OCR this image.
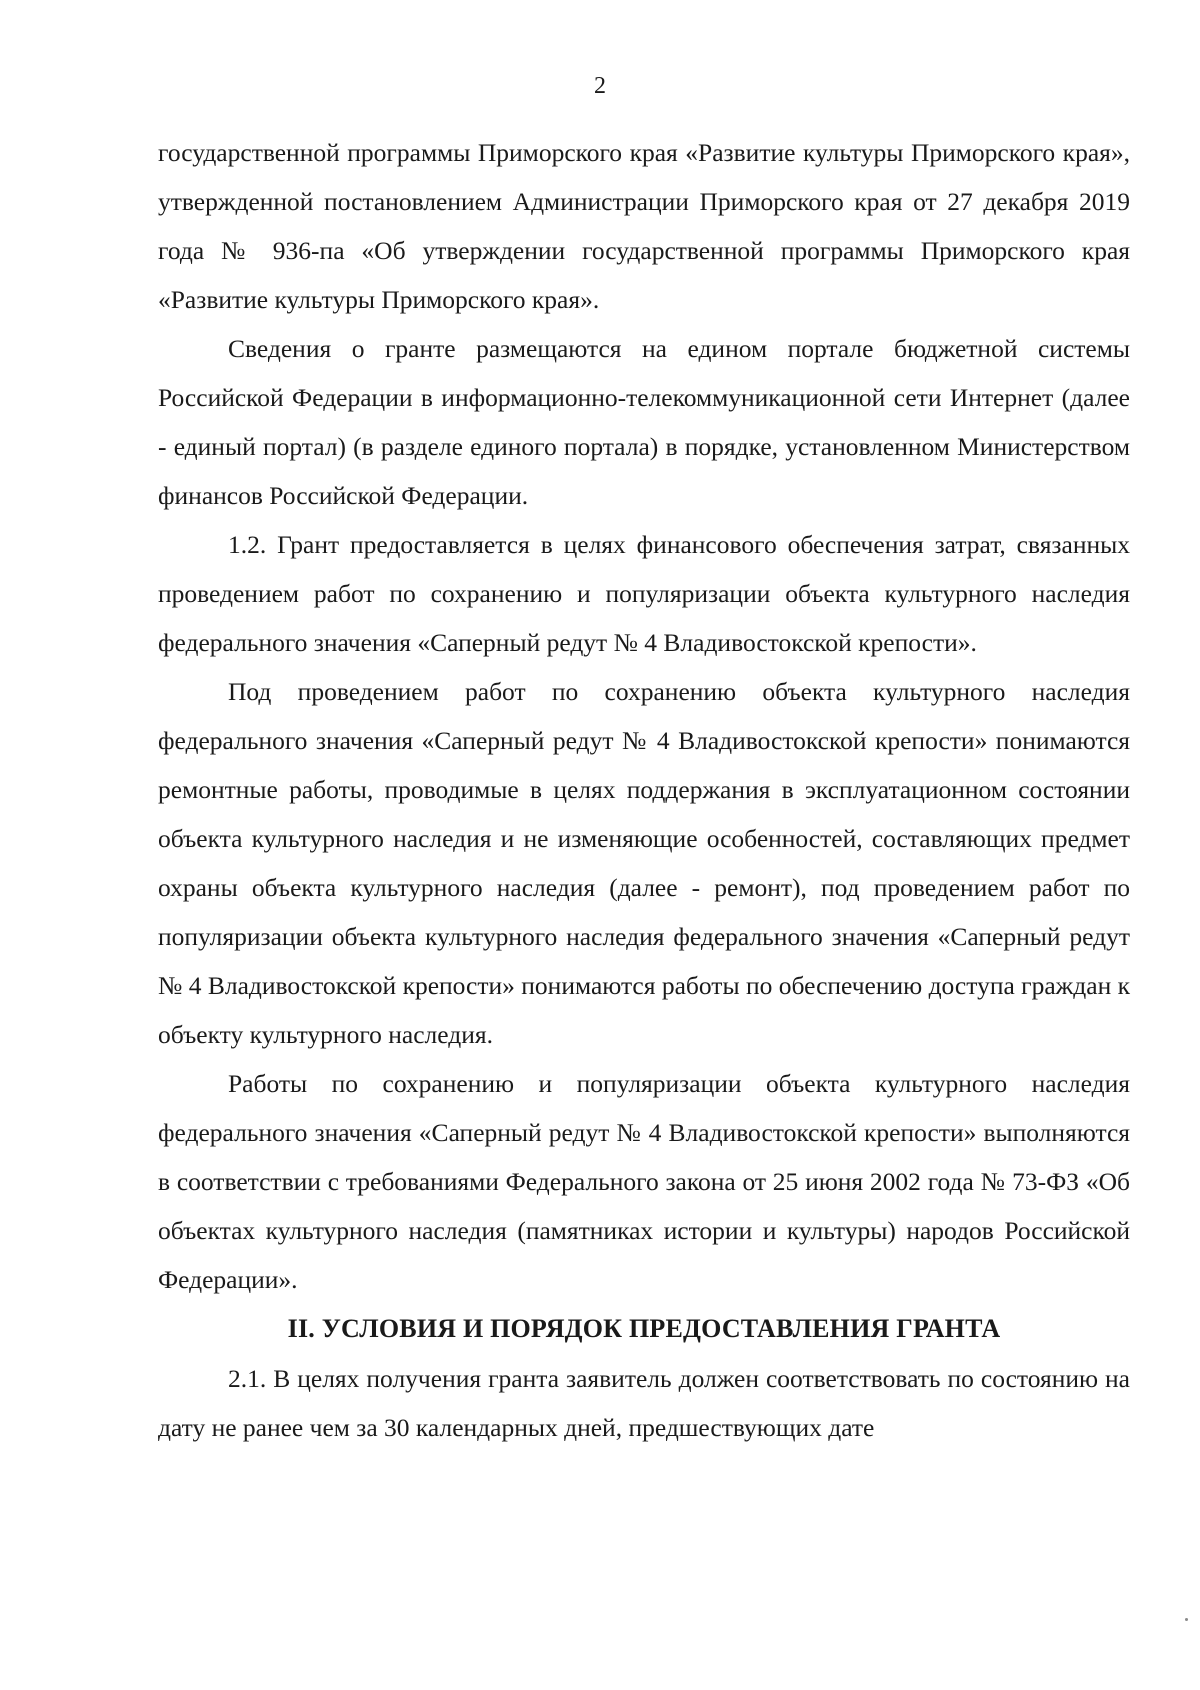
2

государственной программы Приморского края «Развитие культуры Приморского края», утвержденной постановлением Администрации Приморского края от 27 декабря 2019 года № 936-па «Об утверждении государственной программы Приморского края «Развитие культуры Приморского края».

Сведения о гранте размещаются на едином портале бюджетной системы Российской Федерации в информационно-телекоммуникационной сети Интернет (далее - единый портал) (в разделе единого портала) в порядке, установленном Министерством финансов Российской Федерации.

1.2. Грант предоставляется в целях финансового обеспечения затрат, связанных проведением работ по сохранению и популяризации объекта культурного наследия федерального значения «Саперный редут № 4 Владивостокской крепости».

Под проведением работ по сохранению объекта культурного наследия федерального значения «Саперный редут № 4 Владивостокской крепости» понимаются ремонтные работы, проводимые в целях поддержания в эксплуатационном состоянии объекта культурного наследия и не изменяющие особенностей, составляющих предмет охраны объекта культурного наследия (далее - ремонт), под проведением работ по популяризации объекта культурного наследия федерального значения «Саперный редут № 4 Владивостокской крепости» понимаются работы по обеспечению доступа граждан к объекту культурного наследия.

Работы по сохранению и популяризации объекта культурного наследия федерального значения «Саперный редут № 4 Владивостокской крепости» выполняются в соответствии с требованиями Федерального закона от 25 июня 2002 года № 73-ФЗ «Об объектах культурного наследия (памятниках истории и культуры) народов Российской Федерации».

II. УСЛОВИЯ И ПОРЯДОК ПРЕДОСТАВЛЕНИЯ ГРАНТА

2.1. В целях получения гранта заявитель должен соответствовать по состоянию на дату не ранее чем за 30 календарных дней, предшествующих дате
